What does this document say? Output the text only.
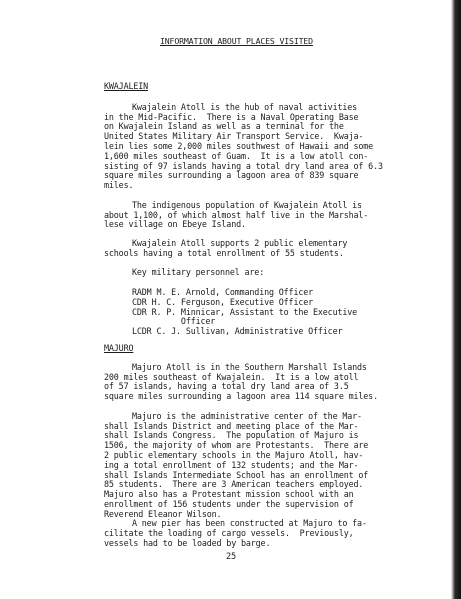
INFORMATION ABOUT PLACES VISITED
KWAJALEIN
Kwajalein Atoll is the hub of naval activities
in the Mid-Pacific.  There is a Naval Operating Base
on Kwajalein Island as well as a terminal for the
United States Military Air Transport Service.  Kwaja-
lein lies some 2,000 miles southwest of Hawaii and some
1,600 miles southeast of Guam.  It is a low atoll con-
sisting of 97 islands having a total dry land area of 6.3
square miles surrounding a lagoon area of 839 square
miles.
The indigenous population of Kwajalein Atoll is
about 1,100, of which almost half live in the Marshal-
lese village on Ebeye Island.
Kwajalein Atoll supports 2 public elementary
schools having a total enrollment of 55 students.
Key military personnel are:
RADM M. E. Arnold, Commanding Officer
CDR H. C. Ferguson, Executive Officer
CDR R. P. Minnicar, Assistant to the Executive
Officer
LCDR C. J. Sullivan, Administrative Officer
MAJURO
Majuro Atoll is in the Southern Marshall Islands
200 miles southeast of Kwajalein.  It is a low atoll
of 57 islands, having a total dry land area of 3.5
square miles surrounding a lagoon area 114 square miles.
Majuro is the administrative center of the Mar-
shall Islands District and meeting place of the Mar-
shall Islands Congress.  The population of Majuro is
1506, the majority of whom are Protestants.  There are
2 public elementary schools in the Majuro Atoll, hav-
ing a total enrollment of 132 students; and the Mar-
shall Islands Intermediate School has an enrollment of
85 students.  There are 3 American teachers employed.
Majuro also has a Protestant mission school with an
enrollment of 156 students under the supervision of
Reverend Eleanor Wilson.
A new pier has been constructed at Majuro to fa-
cilitate the loading of cargo vessels.  Previously,
vessels had to be loaded by barge.
25
